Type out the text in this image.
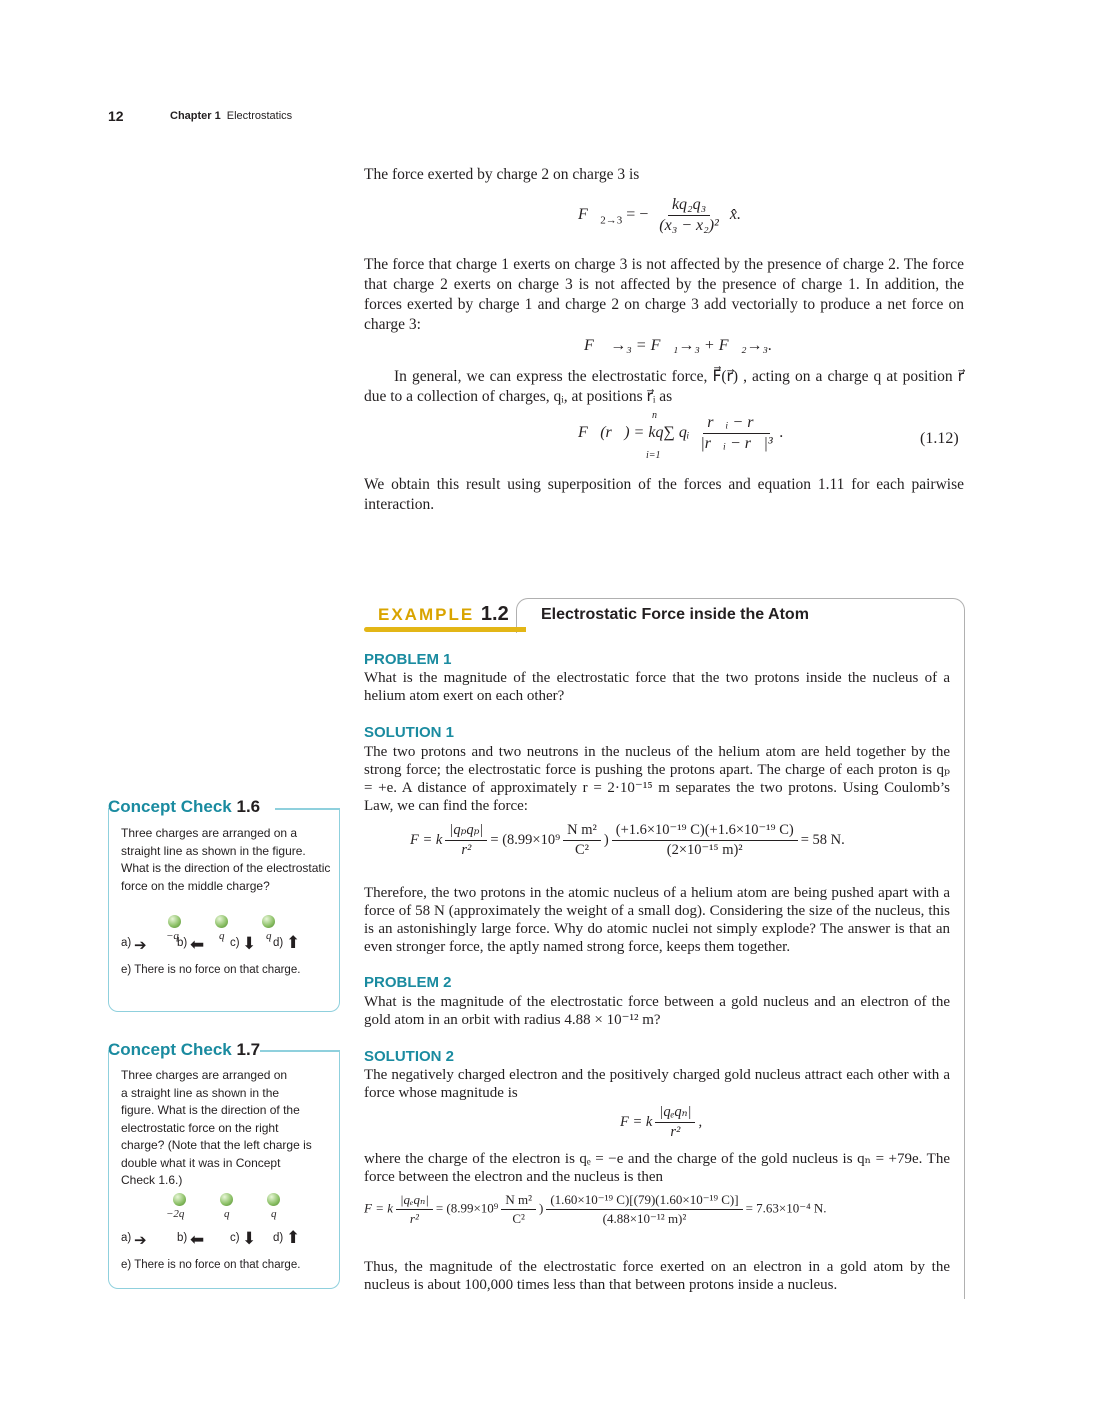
12	Chapter 1 Electrostatics
The force exerted by charge 2 on charge 3 is
$F⃗_{2\to 3}$ = − $\frac{\text{kq₂q₃}}{\text{(x₃ − x₂)²}}$ x̂.
The force that charge 1 exerts on charge 3 is not affected by the presence of charge 2. The force that charge 2 exerts on charge 3 is not affected by the presence of charge 1. In addition, the forces exerted by charge 1 and charge 2 on charge 3 add vectorially to produce a net force on charge 3:
F⃗ →₃ = F⃗₁→₃ + F⃗₂→₃.
In general, we can express the electrostatic force, F⃗(r⃗) , acting on a charge q at position r⃗ due to a collection of charges, qᵢ, at positions r⃗ᵢ as
F⃗(r⃗) = kq∑ qᵢ $\frac{\text{r⃗ᵢ − r⃗}}{\text{|r⃗ᵢ − r⃗|³}}$ .
n
i=1
(1.12)
We obtain this result using superposition of the forces and equation 1.11 for each pairwise interaction.
EXAMPLE 1.2 Electrostatic Force inside the Atom
PROBLEM 1
What is the magnitude of the electrostatic force that the two protons inside the nucleus of a helium atom exert on each other?
SOLUTION 1
The two protons and two neutrons in the nucleus of the helium atom are held together by the strong force; the electrostatic force is pushing the protons apart. The charge of each proton is qₚ = +e. A distance of approximately r = 2·10⁻¹⁵ m separates the two protons. Using Coulomb’s Law, we can find the force:
F = k $\frac{\text{|qₚqₚ|}}{\text{r²}} = (8.99\times 10^9 \frac{\text{N m²}}{\text{C²}}$ ) $\frac{\text{(+1.6×10⁻¹⁹ C)(+1.6×10⁻¹⁹ C)}}{\text{(2×10⁻¹⁵ m)²}} = 58$ N.
Therefore, the two protons in the atomic nucleus of a helium atom are being pushed apart with a force of 58 N (approximately the weight of a small dog). Considering the size of the nucleus, this is an astonishingly large force. Why do atomic nuclei not simply explode? The answer is that an even stronger force, the aptly named strong force, keeps them together.
PROBLEM 2
What is the magnitude of the electrostatic force between a gold nucleus and an electron of the gold atom in an orbit with radius 4.88 × 10⁻¹² m?
SOLUTION 2
The negatively charged electron and the positively charged gold nucleus attract each other with a force whose magnitude is
F = k $\frac{\text{|qₑqₙ|}}{\text{r²}}$ ,
where the charge of the electron is qₑ = −e and the charge of the gold nucleus is qₙ = +79e. The force between the electron and the nucleus is then
F = k $\frac{\text{|qₑqₙ|}}{\text{r²}} = (8.99\times 10^9 \frac{\text{N m²}}{\text{C²}}$ ) $\frac{\text{(1.60×10⁻¹⁹ C)[(79)(1.60×10⁻¹⁹ C)]}}{\text{(4.88×10⁻¹² m)²}} = 7.63\times 10^{-4}$ N.
Thus, the magnitude of the electrostatic force exerted on an electron in a gold atom by the nucleus is about 100,000 times less than that between protons inside a nucleus.
Concept Check 1.6
Three charges are arranged on a
straight line as shown in the figure.
What is the direction of the electrostatic
force on the middle charge?
−q	q	q
a) ➔	b) ⬅ c) ⬇ d) ⬆
e) There is no force on that charge.
Concept Check 1.7
Three charges are arranged on
a straight line as shown in the
figure. What is the direction of the
electrostatic force on the right
charge? (Note that the left charge is
double what it was in Concept
Check 1.6.)
−2q	q	q
a) ➔	b) ⬅ c) ⬇ d) ⬆
e) There is no force on that charge.
